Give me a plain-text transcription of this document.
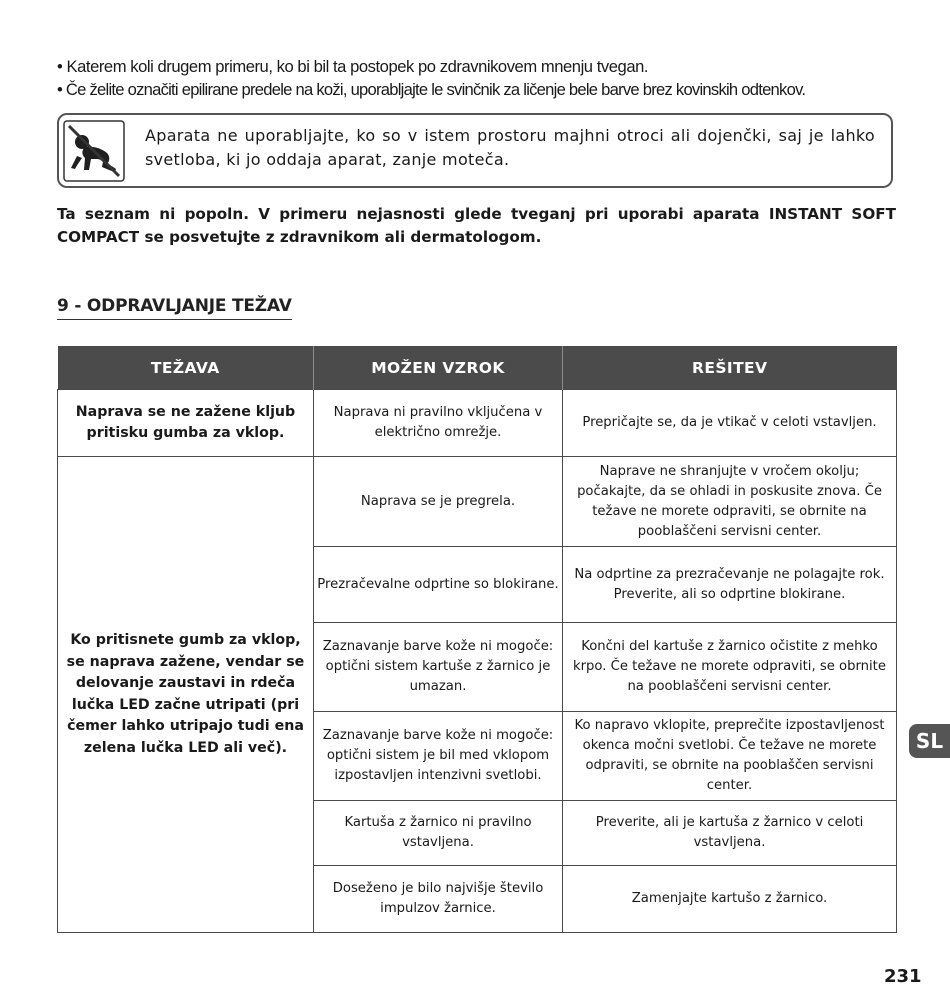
• Katerem koli drugem primeru, ko bi bil ta postopek po zdravnikovem mnenju tvegan.

• Če želite označiti epilirane predele na koži, uporabljajte le svinčnik za ličenje bele barve brez kovinskih odtenkov.

Aparata ne uporabljajte, ko so v istem prostoru majhni otroci ali dojenčki, saj je lahko svetloba, ki jo oddaja aparat, zanje moteča.
Ta seznam ni popoln. V primeru nejasnosti glede tveganj pri uporabi aparata INSTANT SOFT COMPACT se posvetujte z zdravnikom ali dermatologom.
9 - ODPRAVLJANJE TEŽAV
TEŽAVA	MOŽEN VZROK	REŠITEV
Naprava se ne zažene kljub pritisku gumba za vklop.	Naprava ni pravilno vključena v električno omrežje.	Prepričajte se, da je vtikač v celoti vstavljen.
Ko pritisnete gumb za vklop, se naprava zažene, vendar se delovanje zaustavi in rdeča lučka LED začne utripati (pri čemer lahko utripajo tudi ena zelena lučka LED ali več).	Naprava se je pregrela.	Naprave ne shranjujte v vročem okolju; počakajte, da se ohladi in poskusite znova. Če težave ne morete odpraviti, se obrnite na pooblaščeni servisni center.
	Prezračevalne odprtine so blokirane.	Na odprtine za prezračevanje ne polagajte rok. Preverite, ali so odprtine blokirane.
	Zaznavanje barve kože ni mogoče: optični sistem kartuše z žarnico je umazan.	Končni del kartuše z žarnico očistite z mehko krpo. Če težave ne morete odpraviti, se obrnite na pooblaščeni servisni center.
	Zaznavanje barve kože ni mogoče: optični sistem je bil med vklopom izpostavljen intenzivni svetlobi.	Ko napravo vklopite, preprečite izpostavljenost okenca močni svetlobi. Če težave ne morete odpraviti, se obrnite na pooblaščen servisni center.
	Kartuša z žarnico ni pravilno vstavljena.	Preverite, ali je kartuša z žarnico v celoti vstavljena.
	Doseženo je bilo najvišje število impulzov žarnice.	Zamenjajte kartušo z žarnico.
SL
231
